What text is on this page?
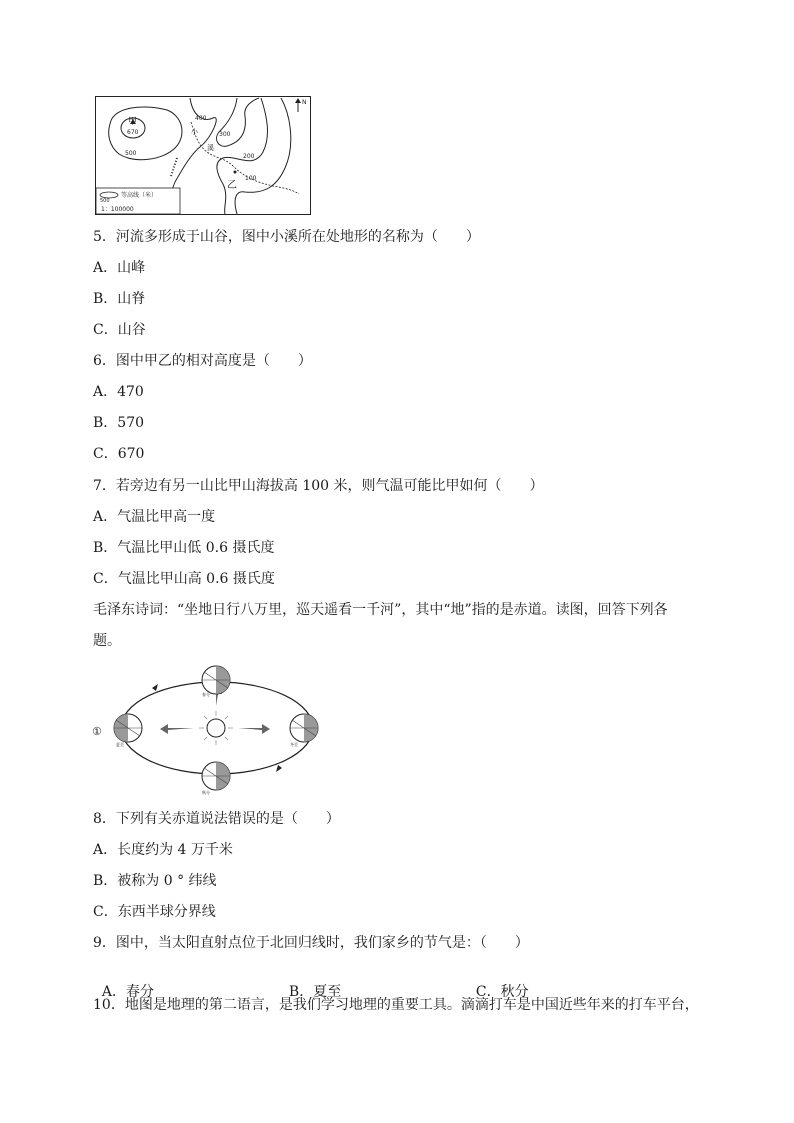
500
等高线（米）
1：100000
甲
670
500
400
300
200
100
小
溪
乙
N
5．河流多形成于山谷，图中小溪所在处地形的名称为（　　）
A．山峰
B．山脊
C．山谷
6．图中甲乙的相对高度是（　　）
A．470
B．570
C．670
7．若旁边有另一山比甲山海拔高 100 米，则气温可能比甲如何（　　）
A．气温比甲高一度
B．气温比甲山低 0.6 摄氏度
C．气温比甲山高 0.6 摄氏度
毛泽东诗词：“坐地日行八万里，巡天遥看一千河”，其中“地”指的是赤道。读图，回答下列各
题。
①
春分
冬至
秋分
夏至
8．下列有关赤道说法错误的是（　　）
A．长度约为 4 万千米
B．被称为 0 ° 纬线
C．东西半球分界线
9．图中，当太阳直射点位于北回归线时，我们家乡的节气是：（　　）

A．春分	B．夏至	C．秋分

10．地图是地理的第二语言，是我们学习地理的重要工具。滴滴打车是中国近些年来的打车平台，
